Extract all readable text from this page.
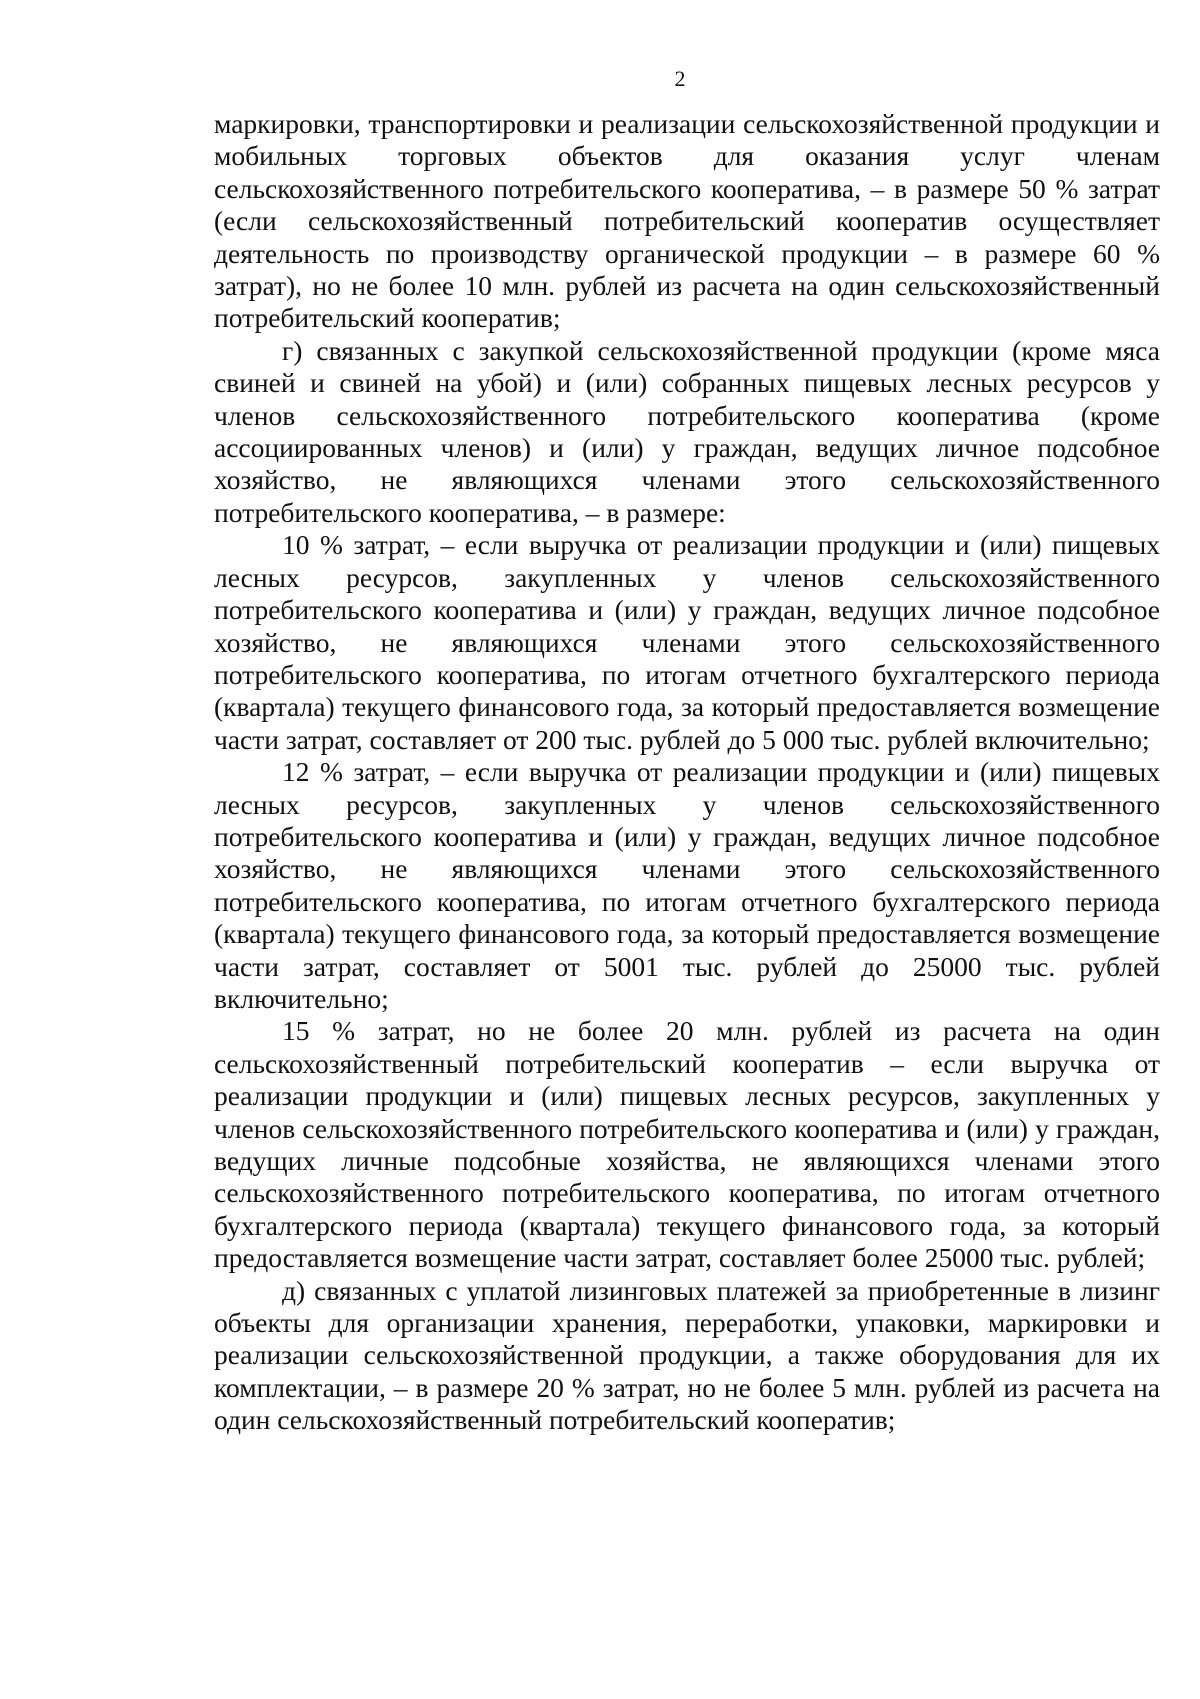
2

маркировки, транспортировки и реализации сельскохозяйственной продукции и мобильных торговых объектов для оказания услуг членам сельскохозяйственного потребительского кооператива, – в размере 50 % затрат (если сельскохозяйственный потребительский кооператив осуществляет деятельность по производству органической продукции – в размере 60 % затрат), но не более 10 млн. рублей из расчета на один сельскохозяйственный потребительский кооператив;

г) связанных с закупкой сельскохозяйственной продукции (кроме мяса свиней и свиней на убой) и (или) собранных пищевых лесных ресурсов у членов сельскохозяйственного потребительского кооператива (кроме ассоциированных членов) и (или) у граждан, ведущих личное подсобное хозяйство, не являющихся членами этого сельскохозяйственного потребительского кооператива, – в размере:

10 % затрат, – если выручка от реализации продукции и (или) пищевых лесных ресурсов, закупленных у членов сельскохозяйственного потребительского кооператива и (или) у граждан, ведущих личное подсобное хозяйство, не являющихся членами этого сельскохозяйственного потребительского кооператива, по итогам отчетного бухгалтерского периода (квартала) текущего финансового года, за который предоставляется возмещение части затрат, составляет от 200 тыс. рублей до 5 000 тыс. рублей включительно;

12 % затрат, – если выручка от реализации продукции и (или) пищевых лесных ресурсов, закупленных у членов сельскохозяйственного потребительского кооператива и (или) у граждан, ведущих личное подсобное хозяйство, не являющихся членами этого сельскохозяйственного потребительского кооператива, по итогам отчетного бухгалтерского периода (квартала) текущего финансового года, за который предоставляется возмещение части затрат, составляет от 5001 тыс. рублей до 25000 тыс. рублей включительно;

15 % затрат, но не более 20 млн. рублей из расчета на один сельскохозяйственный потребительский кооператив – если выручка от реализации продукции и (или) пищевых лесных ресурсов, закупленных у членов сельскохозяйственного потребительского кооператива и (или) у граждан, ведущих личные подсобные хозяйства, не являющихся членами этого сельскохозяйственного потребительского кооператива, по итогам отчетного бухгалтерского периода (квартала) текущего финансового года, за который предоставляется возмещение части затрат, составляет более 25000 тыс. рублей;

д) связанных с уплатой лизинговых платежей за приобретенные в лизинг объекты для организации хранения, переработки, упаковки, маркировки и реализации сельскохозяйственной продукции, а также оборудования для их комплектации, – в размере 20 % затрат, но не более 5 млн. рублей из расчета на один сельскохозяйственный потребительский кооператив;
